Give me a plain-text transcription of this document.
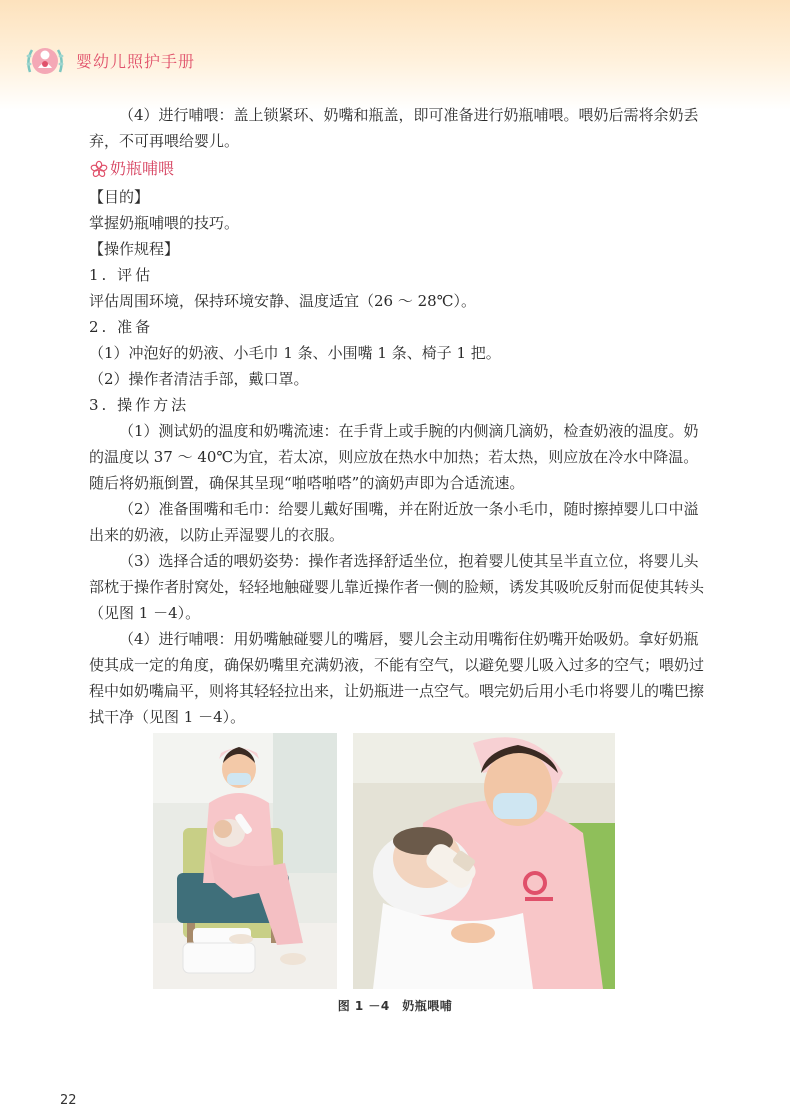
婴幼儿照护手册

（4）进行哺喂：盖上锁紧环、奶嘴和瓶盖，即可准备进行奶瓶哺喂。喂奶后需将余奶丢弃，不可再喂给婴儿。

奶瓶哺喂

【目的】

掌握奶瓶哺喂的技巧。

【操作规程】

1. 评估

评估周围环境，保持环境安静、温度适宜（26 ～ 28℃）。

2. 准备

（1）冲泡好的奶液、小毛巾 1 条、小围嘴 1 条、椅子 1 把。

（2）操作者清洁手部，戴口罩。

3. 操作方法

（1）测试奶的温度和奶嘴流速：在手背上或手腕的内侧滴几滴奶，检查奶液的温度。奶的温度以 37 ～ 40℃为宜，若太凉，则应放在热水中加热；若太热，则应放在冷水中降温。随后将奶瓶倒置，确保其呈现“啪嗒啪嗒”的滴奶声即为合适流速。

（2）准备围嘴和毛巾：给婴儿戴好围嘴，并在附近放一条小毛巾，随时擦掉婴儿口中溢出来的奶液，以防止弄湿婴儿的衣服。

（3）选择合适的喂奶姿势：操作者选择舒适坐位，抱着婴儿使其呈半直立位，将婴儿头部枕于操作者肘窝处，轻轻地触碰婴儿靠近操作者一侧的脸颊，诱发其吸吮反射而促使其转头（见图 1 －4）。

（4）进行哺喂：用奶嘴触碰婴儿的嘴唇，婴儿会主动用嘴衔住奶嘴开始吸奶。拿好奶瓶使其成一定的角度，确保奶嘴里充满奶液，不能有空气，以避免婴儿吸入过多的空气；喂奶过程中如奶嘴扁平，则将其轻轻拉出来，让奶瓶进一点空气。喂完奶后用小毛巾将婴儿的嘴巴擦拭干净（见图 1 －4）。

图 1 －4　奶瓶喂哺
22
